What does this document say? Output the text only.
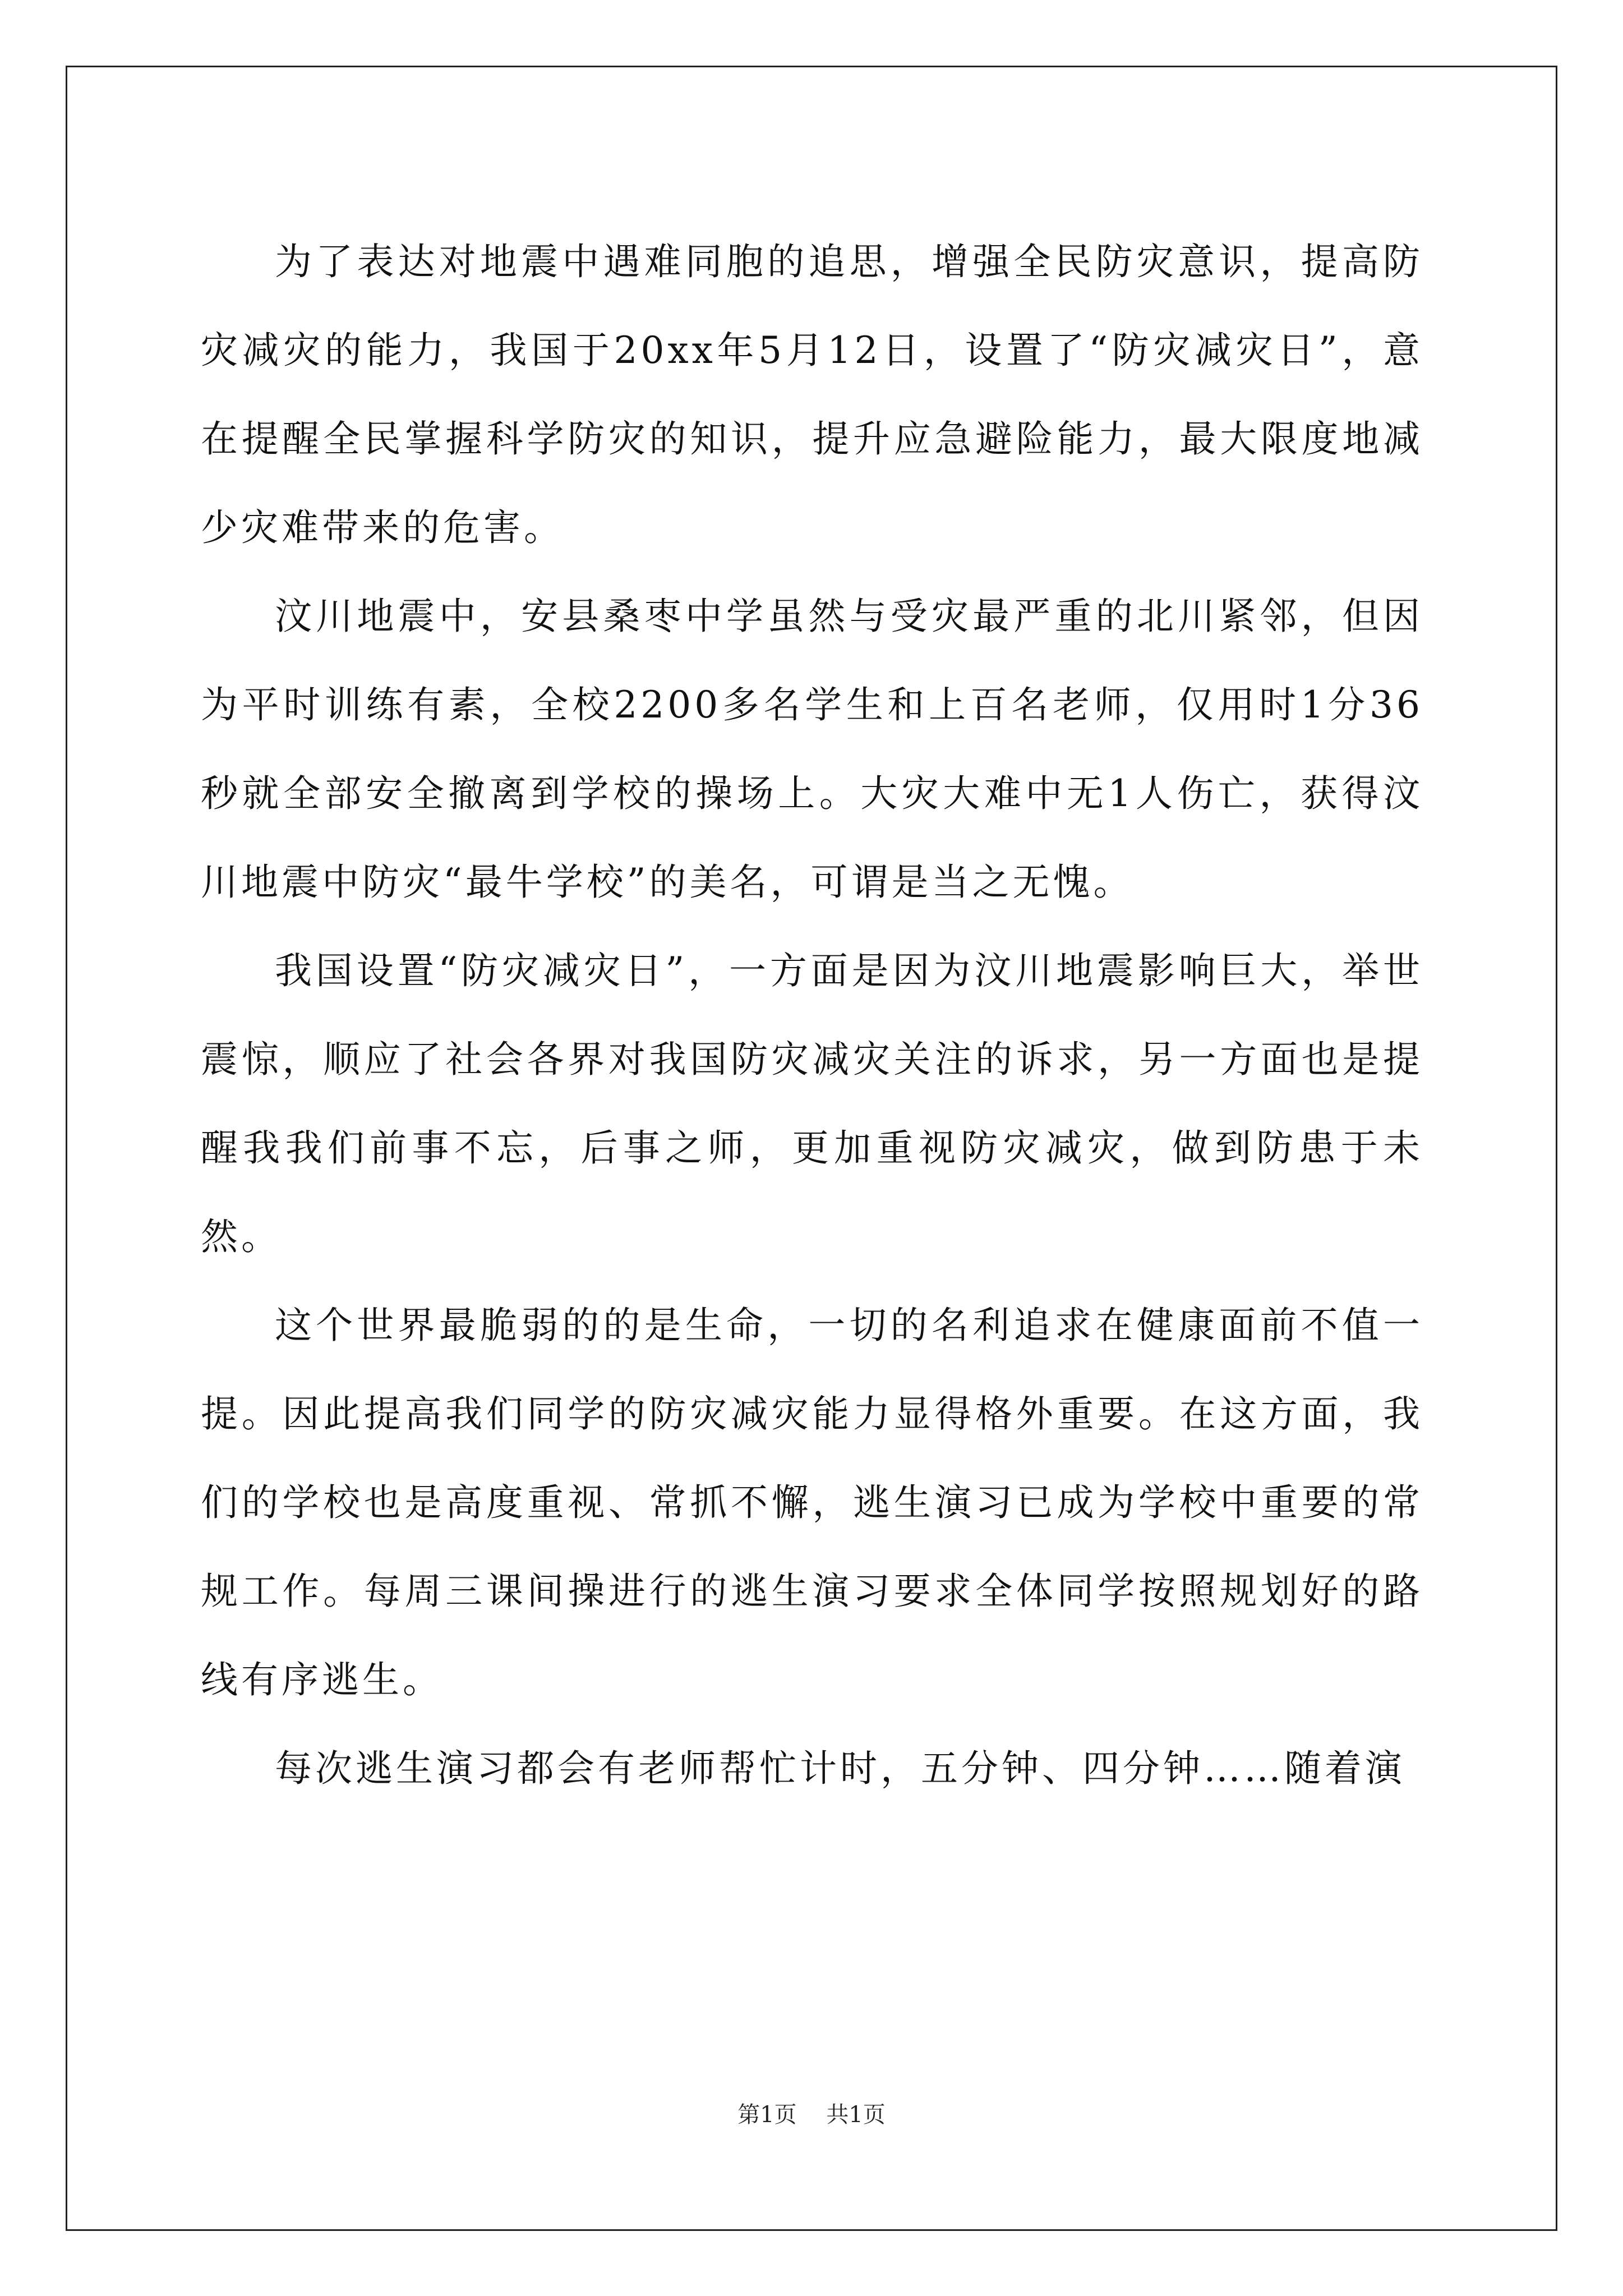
为了表达对地震中遇难同胞的追思，增强全民防灾意识，提高防灾减灾的能力，我国于20xx年5月12日，设置了“防灾减灾日”，意在提醒全民掌握科学防灾的知识，提升应急避险能力，最大限度地减少灾难带来的危害。

汶川地震中，安县桑枣中学虽然与受灾最严重的北川紧邻，但因为平时训练有素，全校2200多名学生和上百名老师，仅用时1分36秒就全部安全撤离到学校的操场上。大灾大难中无1人伤亡，获得汶川地震中防灾“最牛学校”的美名，可谓是当之无愧。

我国设置“防灾减灾日”，一方面是因为汶川地震影响巨大，举世震惊，顺应了社会各界对我国防灾减灾关注的诉求，另一方面也是提醒我我们前事不忘，后事之师，更加重视防灾减灾，做到防患于未然。

这个世界最脆弱的的是生命，一切的名利追求在健康面前不值一提。因此提高我们同学的防灾减灾能力显得格外重要。在这方面，我们的学校也是高度重视、常抓不懈，逃生演习已成为学校中重要的常规工作。每周三课间操进行的逃生演习要求全体同学按照规划好的路线有序逃生。

每次逃生演习都会有老师帮忙计时，五分钟、四分钟……随着演

第1页 共1页
